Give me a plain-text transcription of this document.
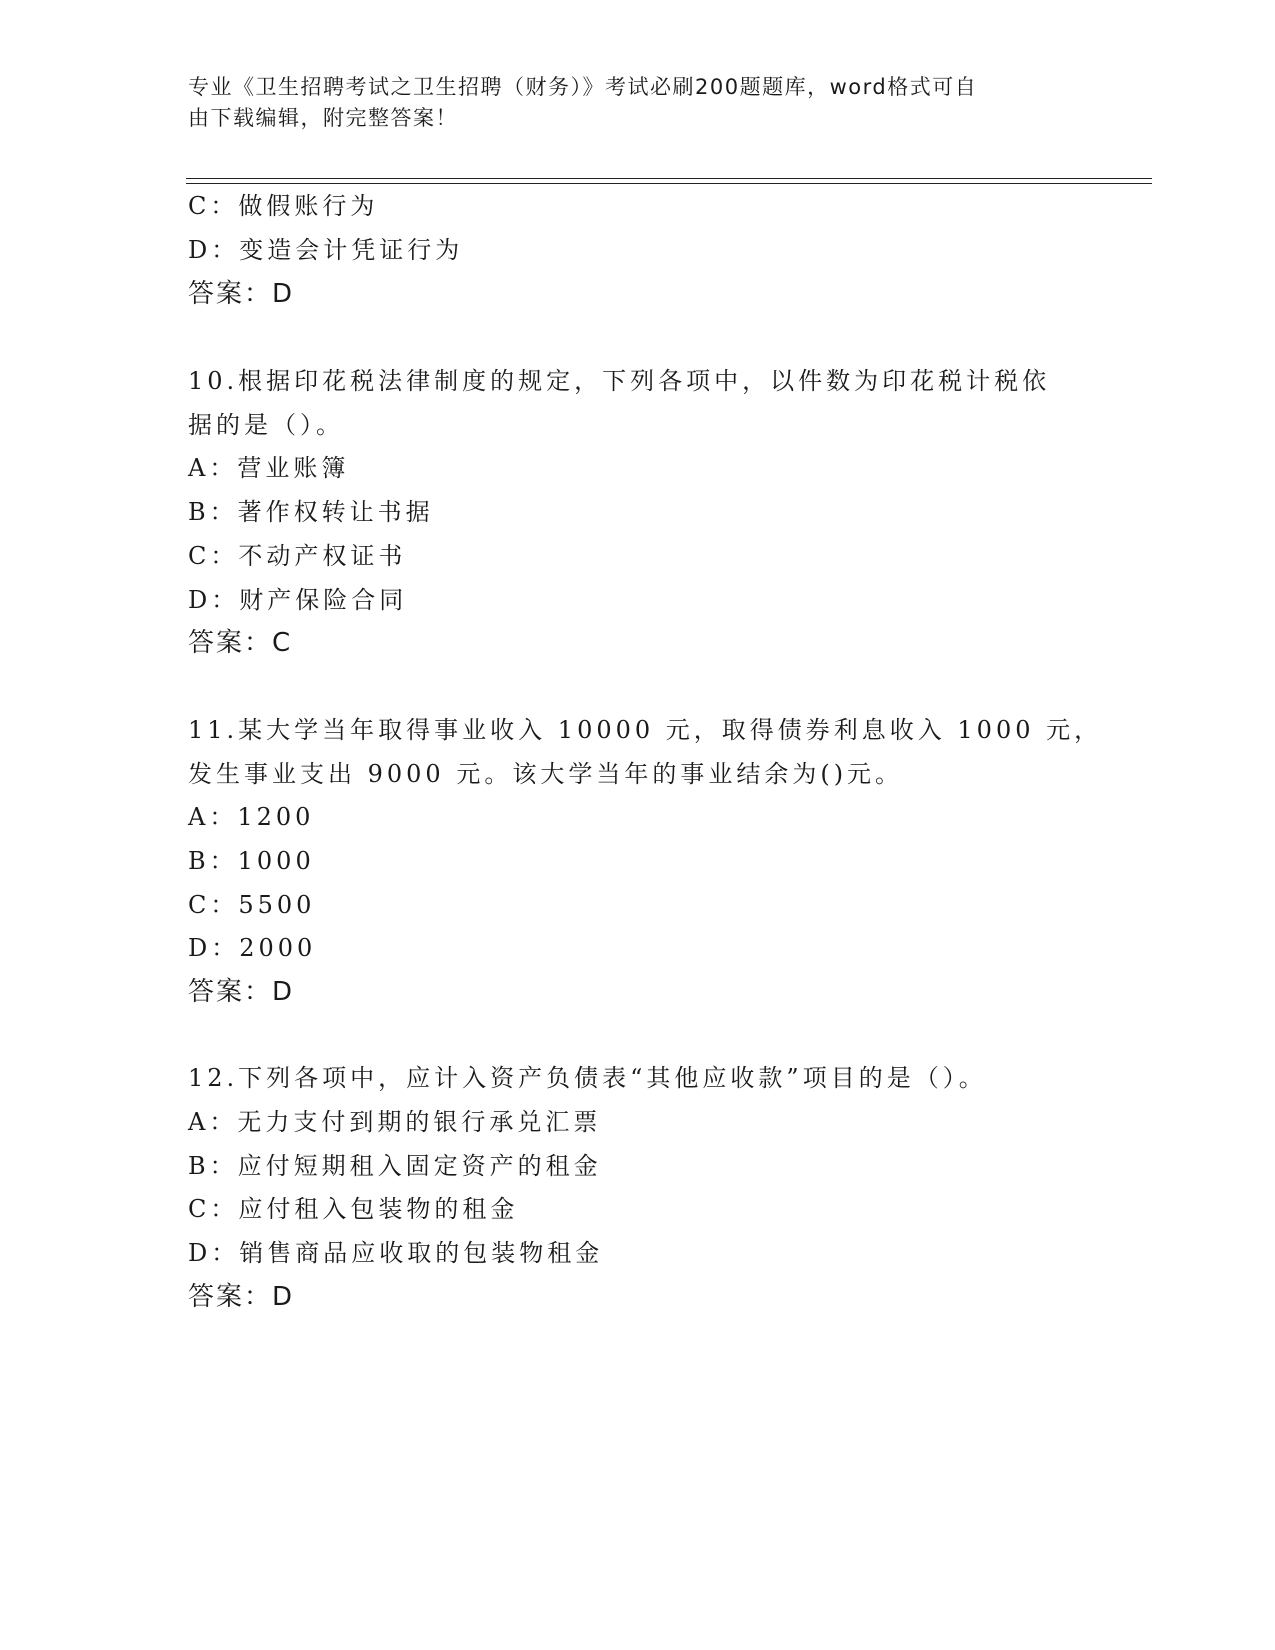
专业《卫生招聘考试之卫生招聘（财务）》考试必刷200题题库，word格式可自
由下载编辑，附完整答案！
C：做假账行为
D：变造会计凭证行为
答案：D
10.根据印花税法律制度的规定，下列各项中，以件数为印花税计税依
据的是（）。
A：营业账簿
B：著作权转让书据
C：不动产权证书
D：财产保险合同
答案：C
11.某大学当年取得事业收入 10000 元，取得债券利息收入 1000 元，
发生事业支出 9000 元。该大学当年的事业结余为()元。
A：1200
B：1000
C：5500
D：2000
答案：D
12.下列各项中，应计入资产负债表“其他应收款”项目的是（）。
A：无力支付到期的银行承兑汇票
B：应付短期租入固定资产的租金
C：应付租入包装物的租金
D：销售商品应收取的包装物租金
答案：D
